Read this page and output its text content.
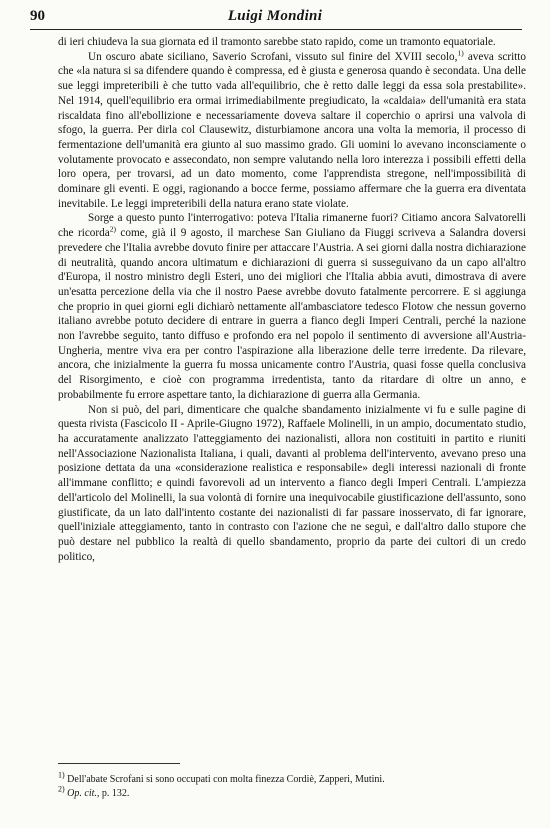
90	Luigi Mondini

di ieri chiudeva la sua giornata ed il tramonto sarebbe stato rapido, come un tramonto equatoriale.

Un oscuro abate siciliano, Saverio Scrofani, vissuto sul finire del XVIII secolo,$^{1)}$ aveva scritto che «la natura si sa difendere quando è compressa, ed è giusta e generosa quando è secondata. Una delle sue leggi impreteribili è che tutto vada all'equilibrio, che è retto dalle leggi da essa sola prestabilite». Nel 1914, quell'equilibrio era ormai irrimediabilmente pregiudicato, la «caldaia» dell'umanità era stata riscaldata fino all'ebollizione e necessariamente doveva saltare il coperchio o aprirsi una valvola di sfogo, la guerra. Per dirla col Clausewitz, disturbiamone ancora una volta la memoria, il processo di fermentazione dell'umanità era giunto al suo massimo grado. Gli uomini lo avevano inconsciamente o volutamente provocato e assecondato, non sempre valutando nella loro interezza i possibili effetti della loro opera, per trovarsi, ad un dato momento, come l'apprendista stregone, nell'impossibilità di dominare gli eventi. E oggi, ragionando a bocce ferme, possiamo affermare che la guerra era diventata inevitabile. Le leggi impreteribili della natura erano state violate.

Sorge a questo punto l'interrogativo: poteva l'Italia rimanerne fuori? Citiamo ancora Salvatorelli che ricorda$^{2)}$ come, già il 9 agosto, il marchese San Giuliano da Fiuggi scriveva a Salandra doversi prevedere che l'Italia avrebbe dovuto finire per attaccare l'Austria. A sei giorni dalla nostra dichiarazione di neutralità, quando ancora ultimatum e dichiarazioni di guerra si susseguivano da un capo all'altro d'Europa, il nostro ministro degli Esteri, uno dei migliori che l'Italia abbia avuti, dimostrava di avere un'esatta percezione della via che il nostro Paese avrebbe dovuto fatalmente percorrere. E si aggiunga che proprio in quei giorni egli dichiarò nettamente all'ambasciatore tedesco Flotow che nessun governo italiano avrebbe potuto decidere di entrare in guerra a fianco degli Imperi Centrali, perché la nazione non l'avrebbe seguito, tanto diffuso e profondo era nel popolo il sentimento di avversione all'Austria-Ungheria, mentre viva era per contro l'aspirazione alla liberazione delle terre irredente. Da rilevare, ancora, che inizialmente la guerra fu mossa unicamente contro l'Austria, quasi fosse quella conclusiva del Risorgimento, e cioè con programma irredentista, tanto da ritardare di oltre un anno, e probabilmente fu errore aspettare tanto, la dichiarazione di guerra alla Germania.

Non si può, del pari, dimenticare che qualche sbandamento inizialmente vi fu e sulle pagine di questa rivista (Fascicolo II - Aprile-Giugno 1972), Raffaele Molinelli, in un ampio, documentato studio, ha accuratamente analizzato l'atteggiamento dei nazionalisti, allora non costituiti in partito e riuniti nell'Associazione Nazionalista Italiana, i quali, davanti al problema dell'intervento, avevano preso una posizione dettata da una «considerazione realistica e responsabile» degli interessi nazionali di fronte all'immane conflitto; e quindi favorevoli ad un intervento a fianco degli Imperi Centrali. L'ampiezza dell'articolo del Molinelli, la sua volontà di fornire una inequivocabile giustificazione dell'assunto, sono giustificate, da un lato dall'intento costante dei nazionalisti di far passare inosservato, di far ignorare, quell'iniziale atteggiamento, tanto in contrasto con l'azione che ne seguì, e dall'altro dallo stupore che può destare nel pubblico la realtà di quello sbandamento, proprio da parte dei cultori di un credo politico,

$^{1)}$ Dell'abate Scrofani si sono occupati con molta finezza Cordiè, Zapperi, Mutini.

$^{2)}$ Op. cit., p. 132.
